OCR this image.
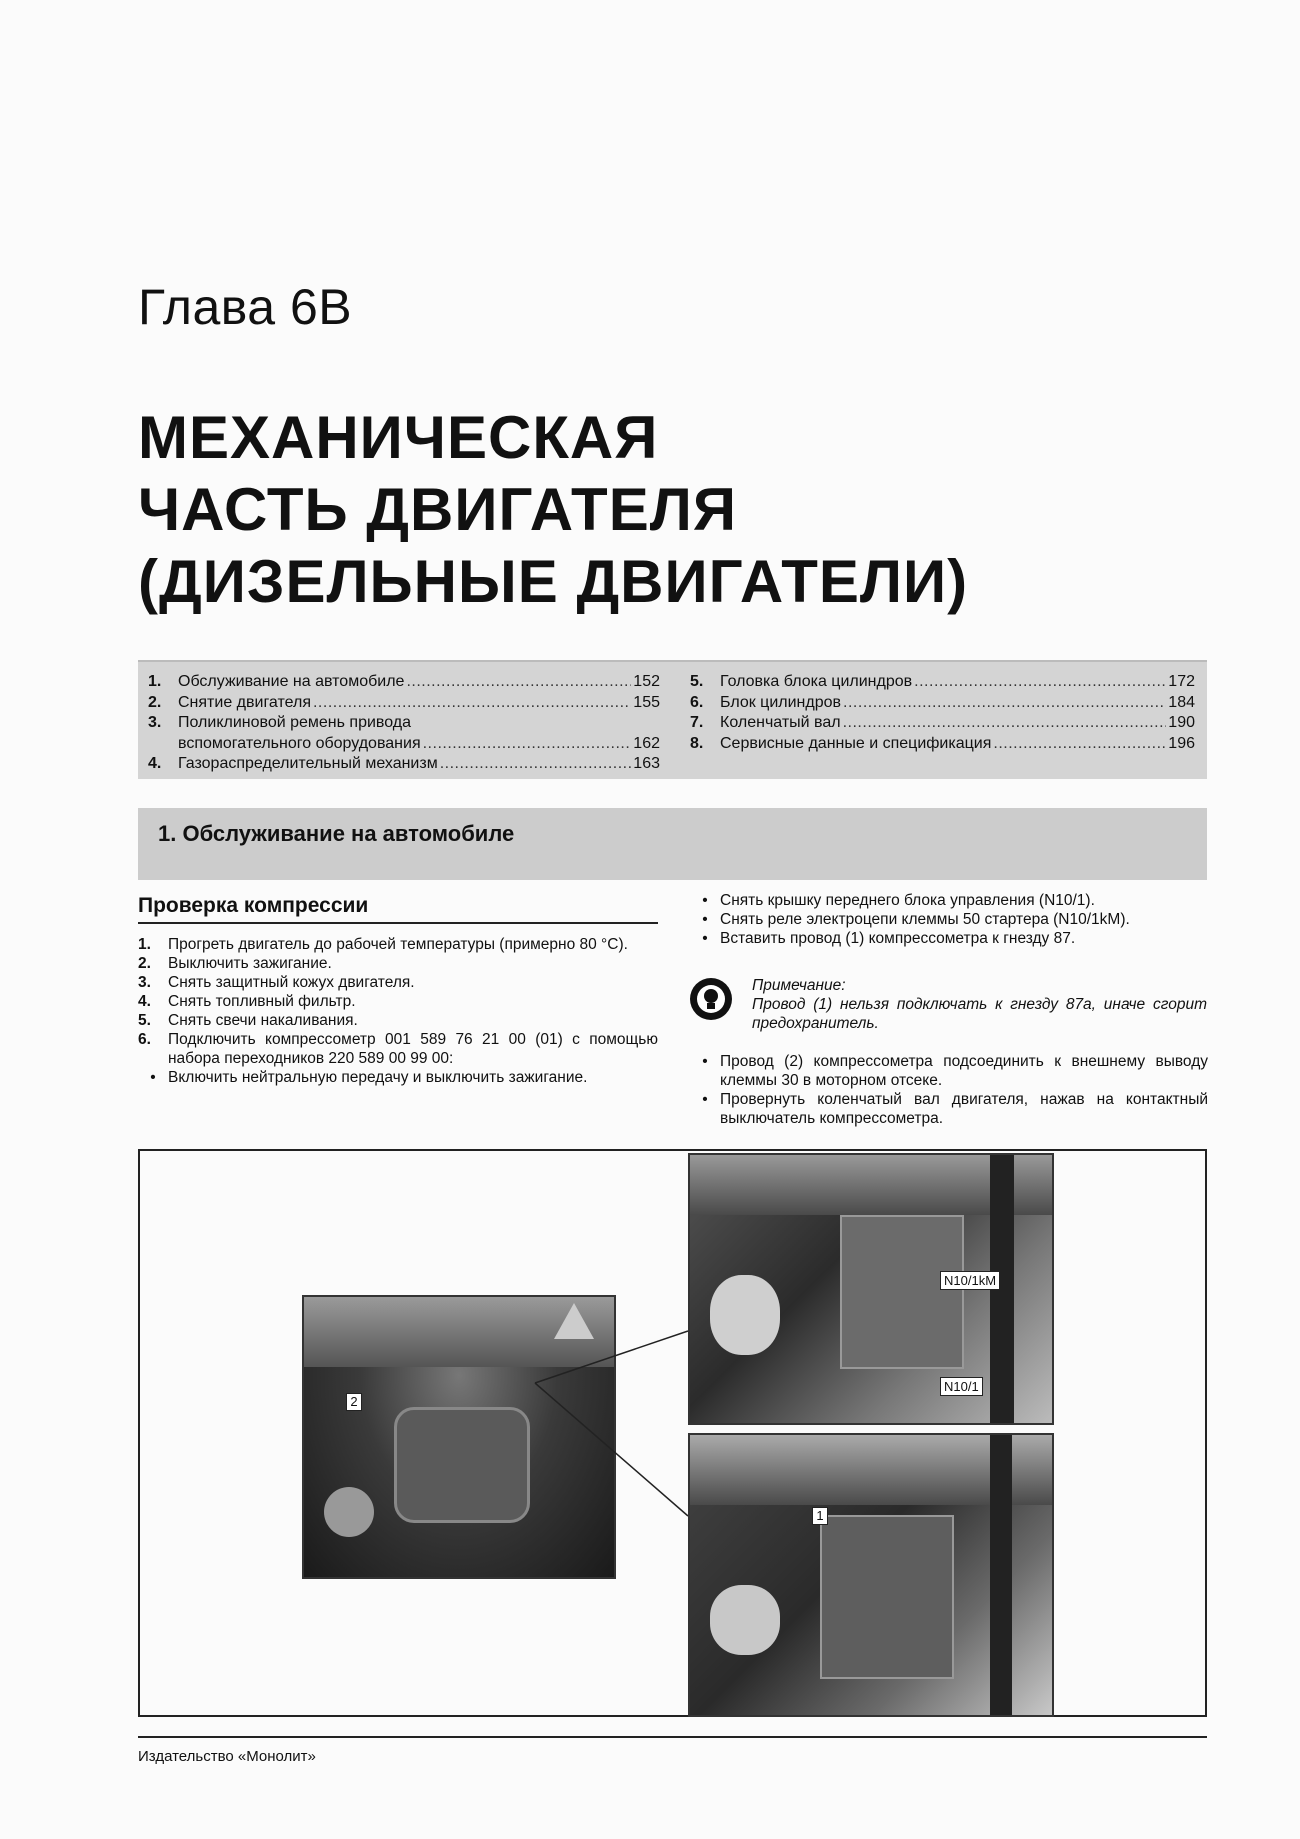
Глава 6В
МЕХАНИЧЕСКАЯ
ЧАСТЬ ДВИГАТЕЛЯ
(ДИЗЕЛЬНЫЕ ДВИГАТЕЛИ)
1.	Обслуживание на автомобиле .....	152
2.	Снятие двигателя .....	155
3.	Поликлиновой ремень привода
вспомогательного оборудования .....	162
4.	Газораспределительный механизм .....	163
5.	Головка блока цилиндров .....	172
6.	Блок цилиндров .....	184
7.	Коленчатый вал .....	190
8.	Сервисные данные и спецификация .....	196
1. Обслуживание на автомобиле
Проверка компрессии
1.	Прогреть двигатель до рабочей температуры (примерно 80 °С).
2.	Выключить зажигание.
3.	Снять защитный кожух двигателя.
4.	Снять топливный фильтр.
5.	Снять свечи накаливания.
6.	Подключить компрессометр 001 589 76 21 00 (01) с помощью набора переходников 220 589 00 99 00:
• Включить нейтральную передачу и выключить зажигание.
• Снять крышку переднего блока управления (N10/1).
• Снять реле электроцепи клеммы 50 стартера (N10/1kM).
• Вставить провод (1) компрессометра к гнезду 87.
Примечание:
Провод (1) нельзя подключать к гнезду 87а, иначе сгорит предохранитель.
• Провод (2) компрессометра подсоединить к внешнему выводу клеммы 30 в моторном отсеке.
• Провернуть коленчатый вал двигателя, нажав на контактный выключатель компрессометра.
2
N10/1kM
N10/1
1
Издательство «Монолит»
